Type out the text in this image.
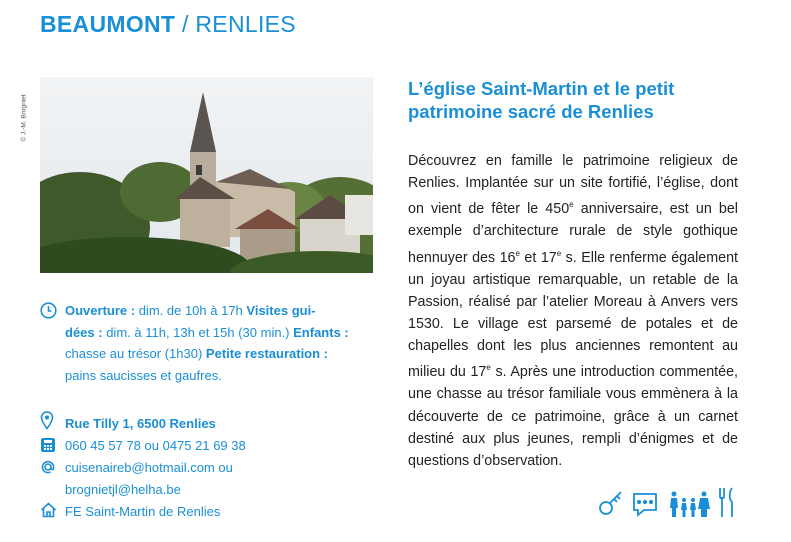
BEAUMONT / RENLIES
© J.-M. Brogniet
Ouverture : dim. de 10h à 17h Visites gui-
dées : dim. à 11h, 13h et 15h (30 min.) Enfants :
chasse au trésor (1h30) Petite restauration :
pains saucisses et gaufres.
Rue Tilly 1, 6500 Renlies
060 45 57 78 ou 0475 21 69 38
cuisenaireb@hotmail.com ou
brognietjl@helha.be
FE Saint-Martin de Renlies
L’église Saint-Martin et le petit
patrimoine sacré de Renlies
Découvrez en famille le patrimoine religieux de Renlies. Implantée sur un site fortifié, l’église, dont on vient de fêter le 450e anniversaire, est un bel exemple d’architecture rurale de style gothique hennuyer des 16e et 17e s. Elle renferme également un joyau artistique remarquable, un retable de la Passion, réalisé par l’atelier Moreau à Anvers vers 1530. Le village est parsemé de potales et de chapelles dont les plus anciennes remontent au milieu du 17e s. Après une introduction commentée, une chasse au trésor familiale vous emmènera à la découverte de ce patrimoine, grâce à un carnet destiné aux plus jeunes, rempli d’énigmes et de questions d’observation.
